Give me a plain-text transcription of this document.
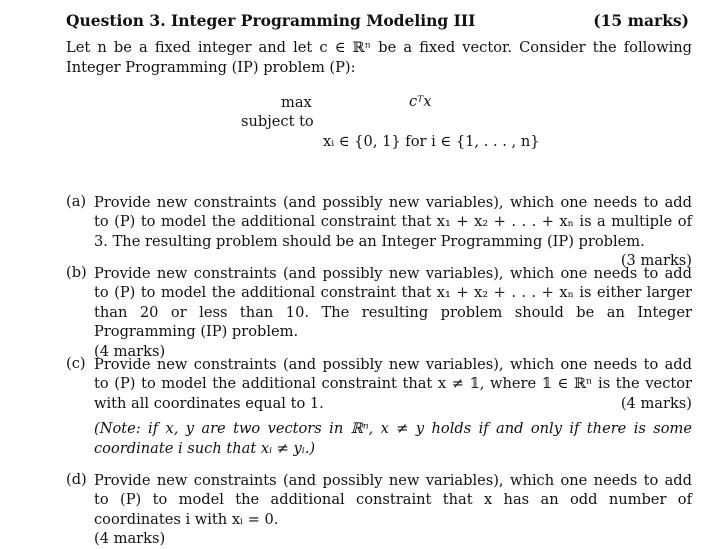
Question 3. Integer Programming Modeling III	(15 marks)
Let n be a fixed integer and let c ∈ ℝⁿ be a fixed vector. Consider the following Integer Programming (IP) problem (P):
max	cᵀx
subject to
xᵢ ∈ {0, 1} for i ∈ {1, . . . , n}
(a) Provide new constraints (and possibly new variables), which one needs to add to (P) to model the additional constraint that x₁ + x₂ + . . . + xₙ is a multiple of 3. The resulting problem should be an Integer Programming (IP) problem.
(3 marks)
(b) Provide new constraints (and possibly new variables), which one needs to add to (P) to model the additional constraint that x₁ + x₂ + . . . + xₙ is either larger than 20 or less than 10. The resulting problem should be an Integer Programming (IP) problem.
(4 marks)
(c) Provide new constraints (and possibly new variables), which one needs to add to (P) to model the additional constraint that x ≠ 𝟙, where 𝟙 ∈ ℝⁿ is the vector with all coordinates equal to 1.	(4 marks)
(Note: if x, y are two vectors in ℝⁿ, x ≠ y holds if and only if there is some coordinate i such that xᵢ ≠ yᵢ.)
(d) Provide new constraints (and possibly new variables), which one needs to add to (P) to model the additional constraint that x has an odd number of coordinates i with xᵢ = 0.
(4 marks)
